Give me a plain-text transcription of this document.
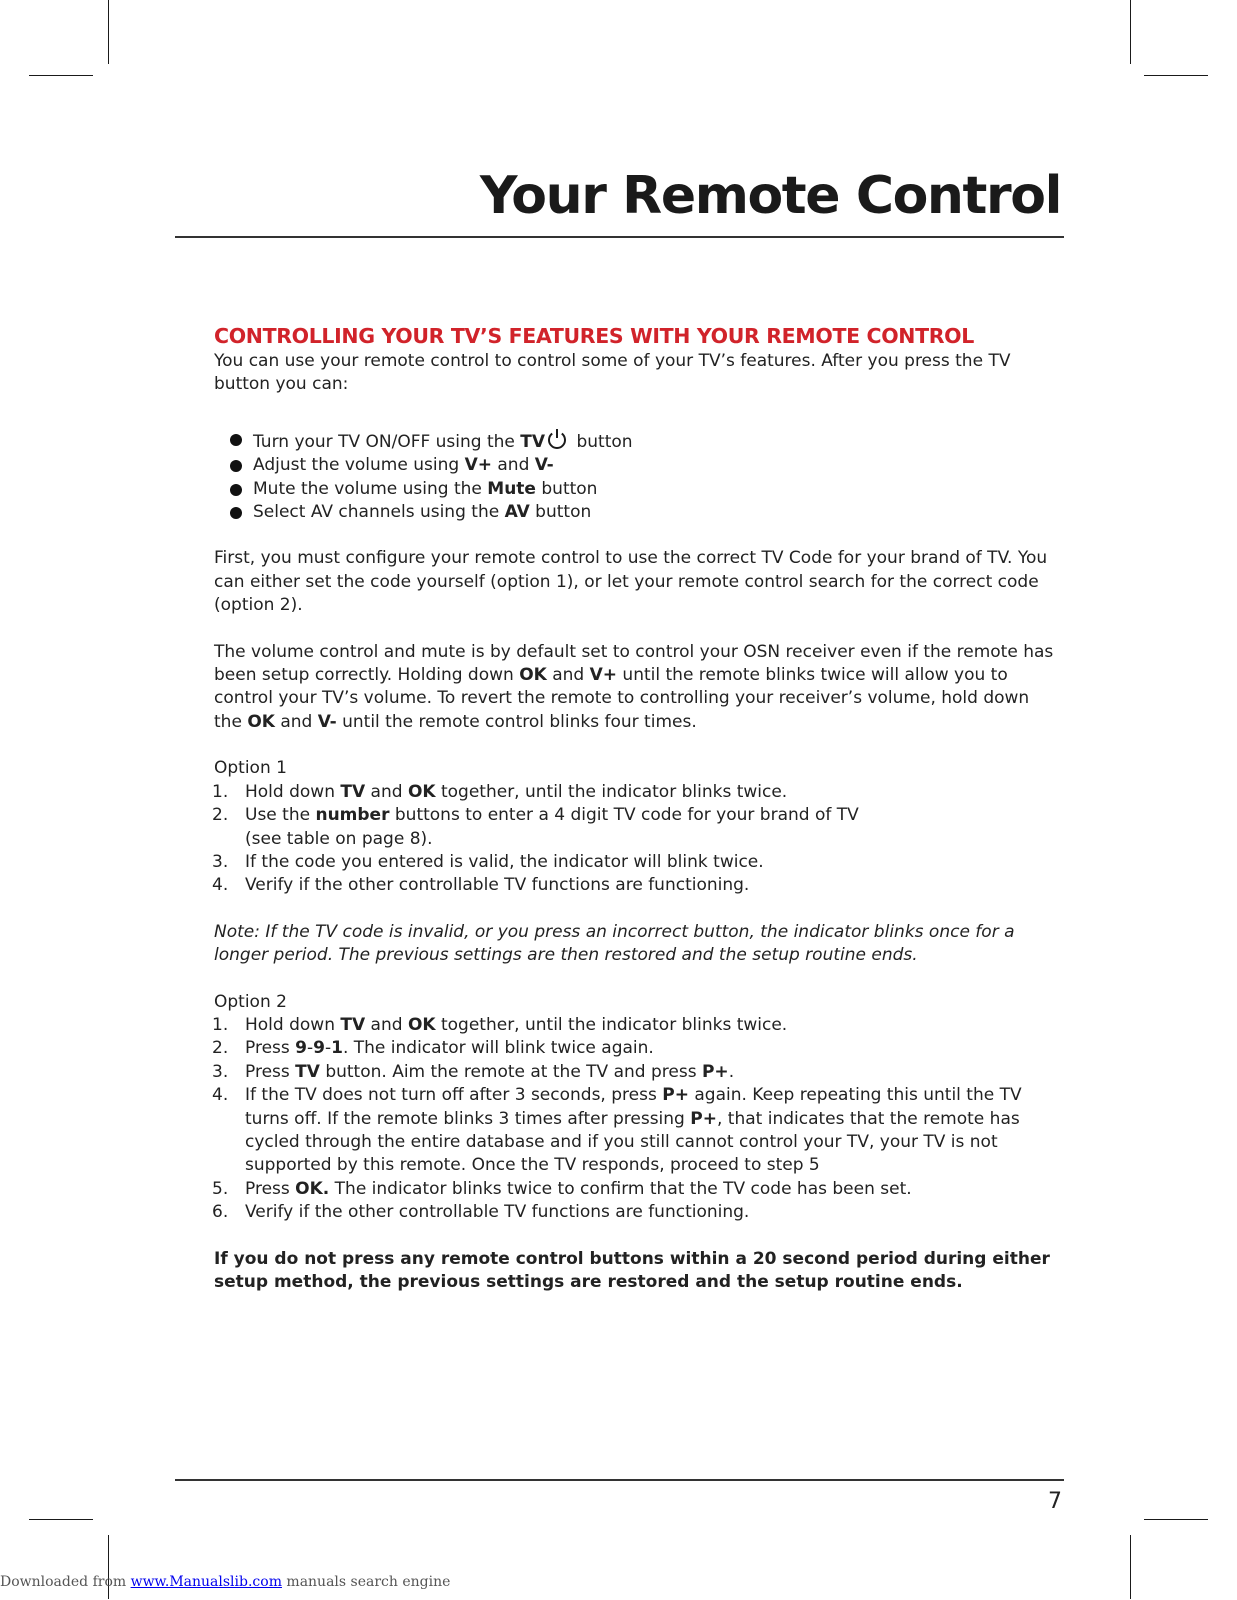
Your Remote Control
CONTROLLING YOUR TV’S FEATURES WITH YOUR REMOTE CONTROL

You can use your remote control to control some of your TV’s features. After you press the TV button you can:

Turn your TV ON/OFF using the TV button
Adjust the volume using V+ and V-
Mute the volume using the Mute button
Select AV channels using the AV button

First, you must configure your remote control to use the correct TV Code for your brand of TV. You can either set the code yourself (option 1), or let your remote control search for the correct code (option 2).

The volume control and mute is by default set to control your OSN receiver even if the remote has been setup correctly. Holding down OK and V+ until the remote blinks twice will allow you to control your TV’s volume. To revert the remote to controlling your receiver’s volume, hold down the OK and V- until the remote control blinks four times.

Option 1

1. Hold down TV and OK together, until the indicator blinks twice.
2. Use the number buttons to enter a 4 digit TV code for your brand of TV
(see table on page 8).
3. If the code you entered is valid, the indicator will blink twice.
4. Verify if the other controllable TV functions are functioning.

Note: If the TV code is invalid, or you press an incorrect button, the indicator blinks once for a longer period. The previous settings are then restored and the setup routine ends.

Option 2

1. Hold down TV and OK together, until the indicator blinks twice.
2. Press 9-9-1. The indicator will blink twice again.
3. Press TV button. Aim the remote at the TV and press P+.
4. If the TV does not turn off after 3 seconds, press P+ again. Keep repeating this until the TV turns off. If the remote blinks 3 times after pressing P+, that indicates that the remote has cycled through the entire database and if you still cannot control your TV, your TV is not supported by this remote. Once the TV responds, proceed to step 5
5. Press OK. The indicator blinks twice to confirm that the TV code has been set.
6. Verify if the other controllable TV functions are functioning.

If you do not press any remote control buttons within a 20 second period during either setup method, the previous settings are restored and the setup routine ends.

7
Downloaded from www.Manualslib.com manuals search engine
